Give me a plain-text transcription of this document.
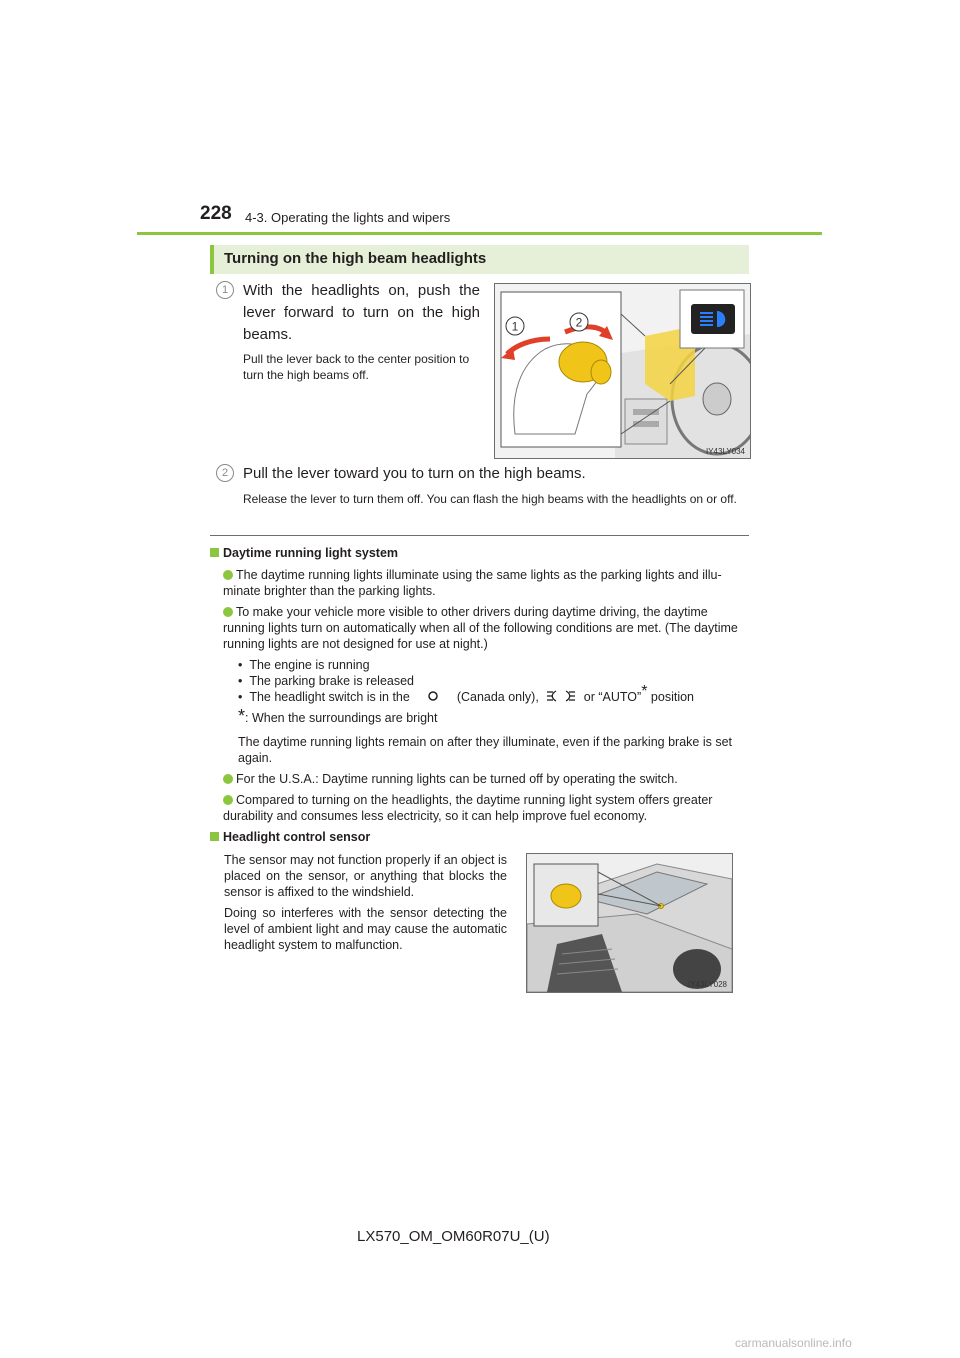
228 4-3. Operating the lights and wipers
Turning on the high beam headlights
1 With the headlights on, push the lever forward to turn on the high beams.
Pull the lever back to the center position to turn the high beams off.
1	2
IY43LY034
2 Pull the lever toward you to turn on the high beams.
Release the lever to turn them off. You can flash the high beams with the headlights on or off.
Daytime running light system
The daytime running lights illuminate using the same lights as the parking lights and illu-minate brighter than the parking lights.
To make your vehicle more visible to other drivers during daytime driving, the daytime running lights turn on automatically when all of the following conditions are met. (The daytime running lights are not designed for use at night.)
•  The engine is running
•  The parking brake is released
•  The headlight switch is in the	(Canada only),	or “AUTO”* position
*: When the surroundings are bright
The daytime running lights remain on after they illuminate, even if the parking brake is set again.
For the U.S.A.: Daytime running lights can be turned off by operating the switch.
Compared to turning on the headlights, the daytime running light system offers greater durability and consumes less electricity, so it can help improve fuel economy.
Headlight control sensor
The sensor may not function properly if an object is placed on the sensor, or anything that blocks the sensor is affixed to the windshield.
Doing so interferes with the sensor detecting the level of ambient light and may cause the automatic headlight system to malfunction.
IY43LY028
LX570_OM_OM60R07U_(U)
carmanualsonline.info
